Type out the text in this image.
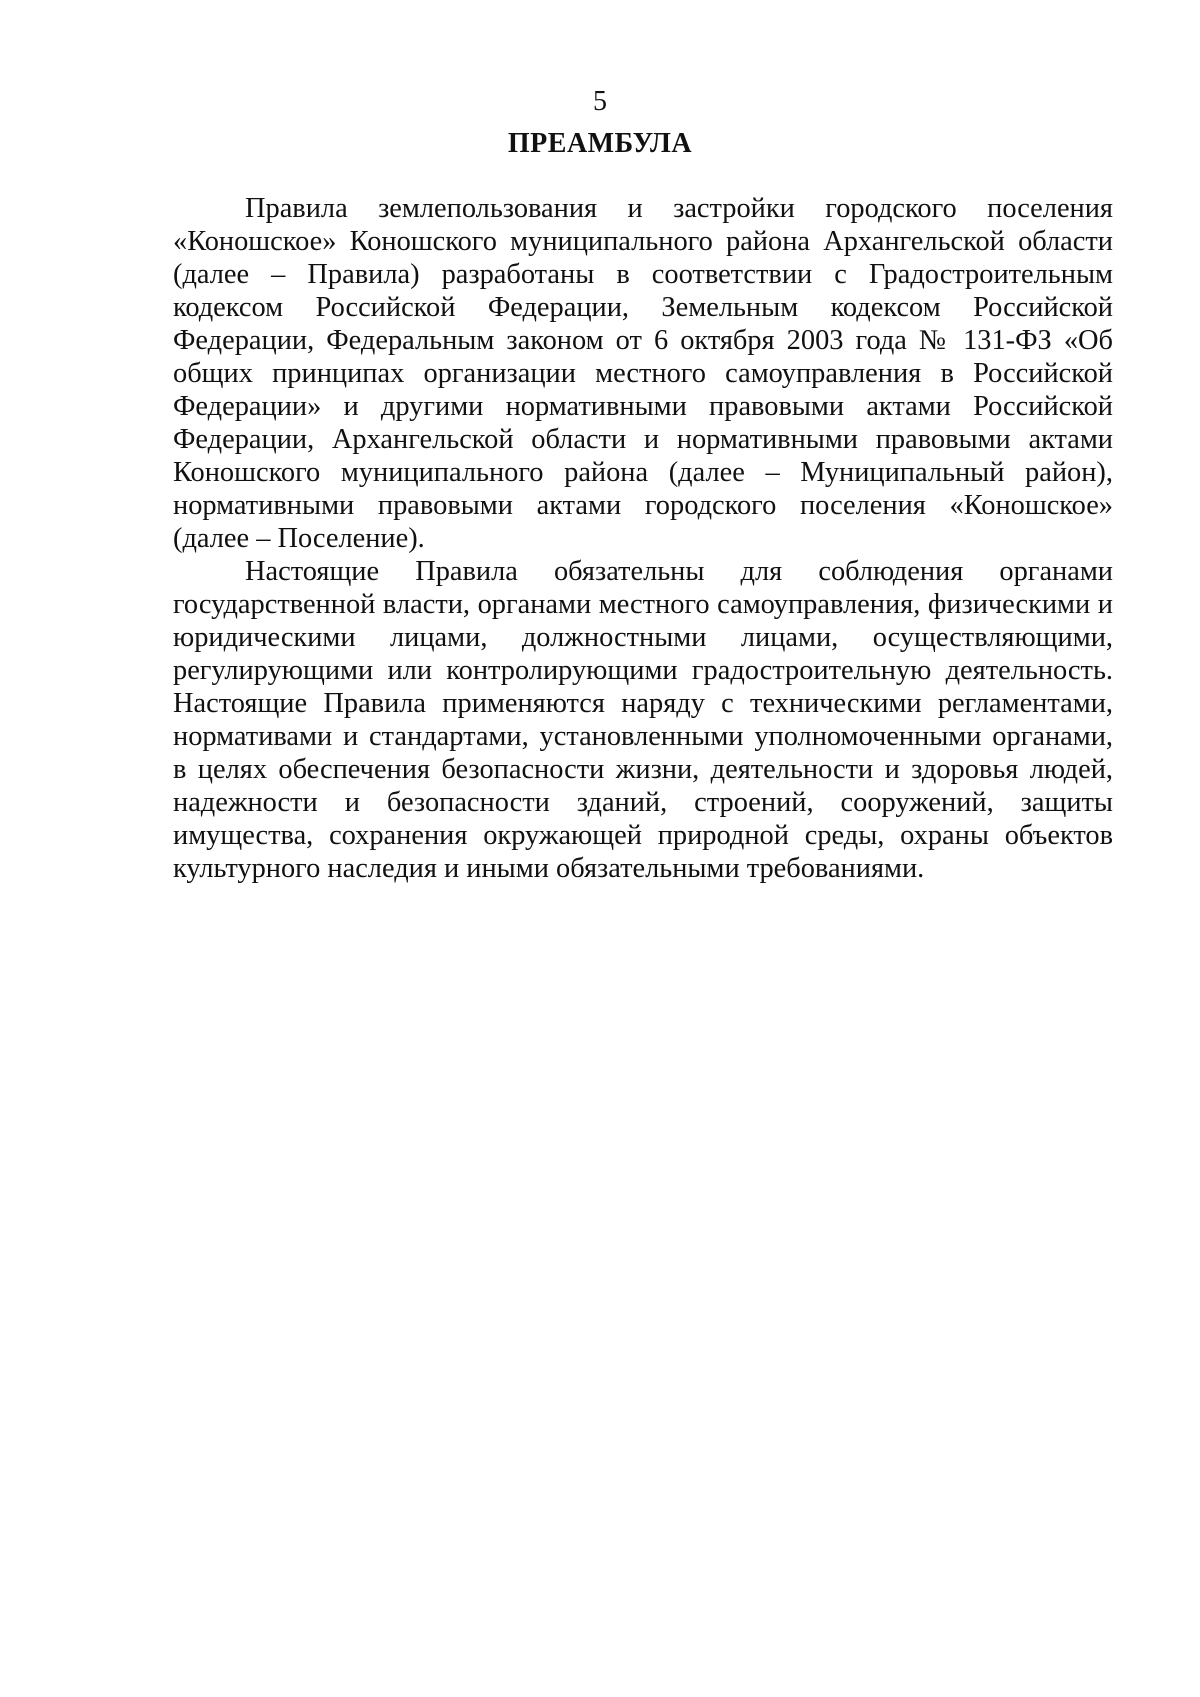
5
ПРЕАМБУЛА

Правила землепользования и застройки городского поселения «Коношское» Коношского муниципального района Архангельской области (далее – Правила) разработаны в соответствии с Градостроительным кодексом Российской Федерации, Земельным кодексом Российской Федерации, Федеральным законом от 6 октября 2003 года № 131-ФЗ «Об общих принципах организации местного самоуправления в Российской Федерации» и другими нормативными правовыми актами Российской Федерации, Архангельской области и нормативными правовыми актами Коношского муниципального района (далее – Муниципальный район), нормативными правовыми актами городского поселения «Коношское» (далее – Поселение).

Настоящие Правила обязательны для соблюдения органами государственной власти, органами местного самоуправления, физическими и юридическими лицами, должностными лицами, осуществляющими, регулирующими или контролирующими градостроительную деятельность. Настоящие Правила применяются наряду с техническими регламентами, нормативами и стандартами, установленными уполномоченными органами, в целях обеспечения безопасности жизни, деятельности и здоровья людей, надежности и безопасности зданий, строений, сооружений, защиты имущества, сохранения окружающей природной среды, охраны объектов культурного наследия и иными обязательными требованиями.
